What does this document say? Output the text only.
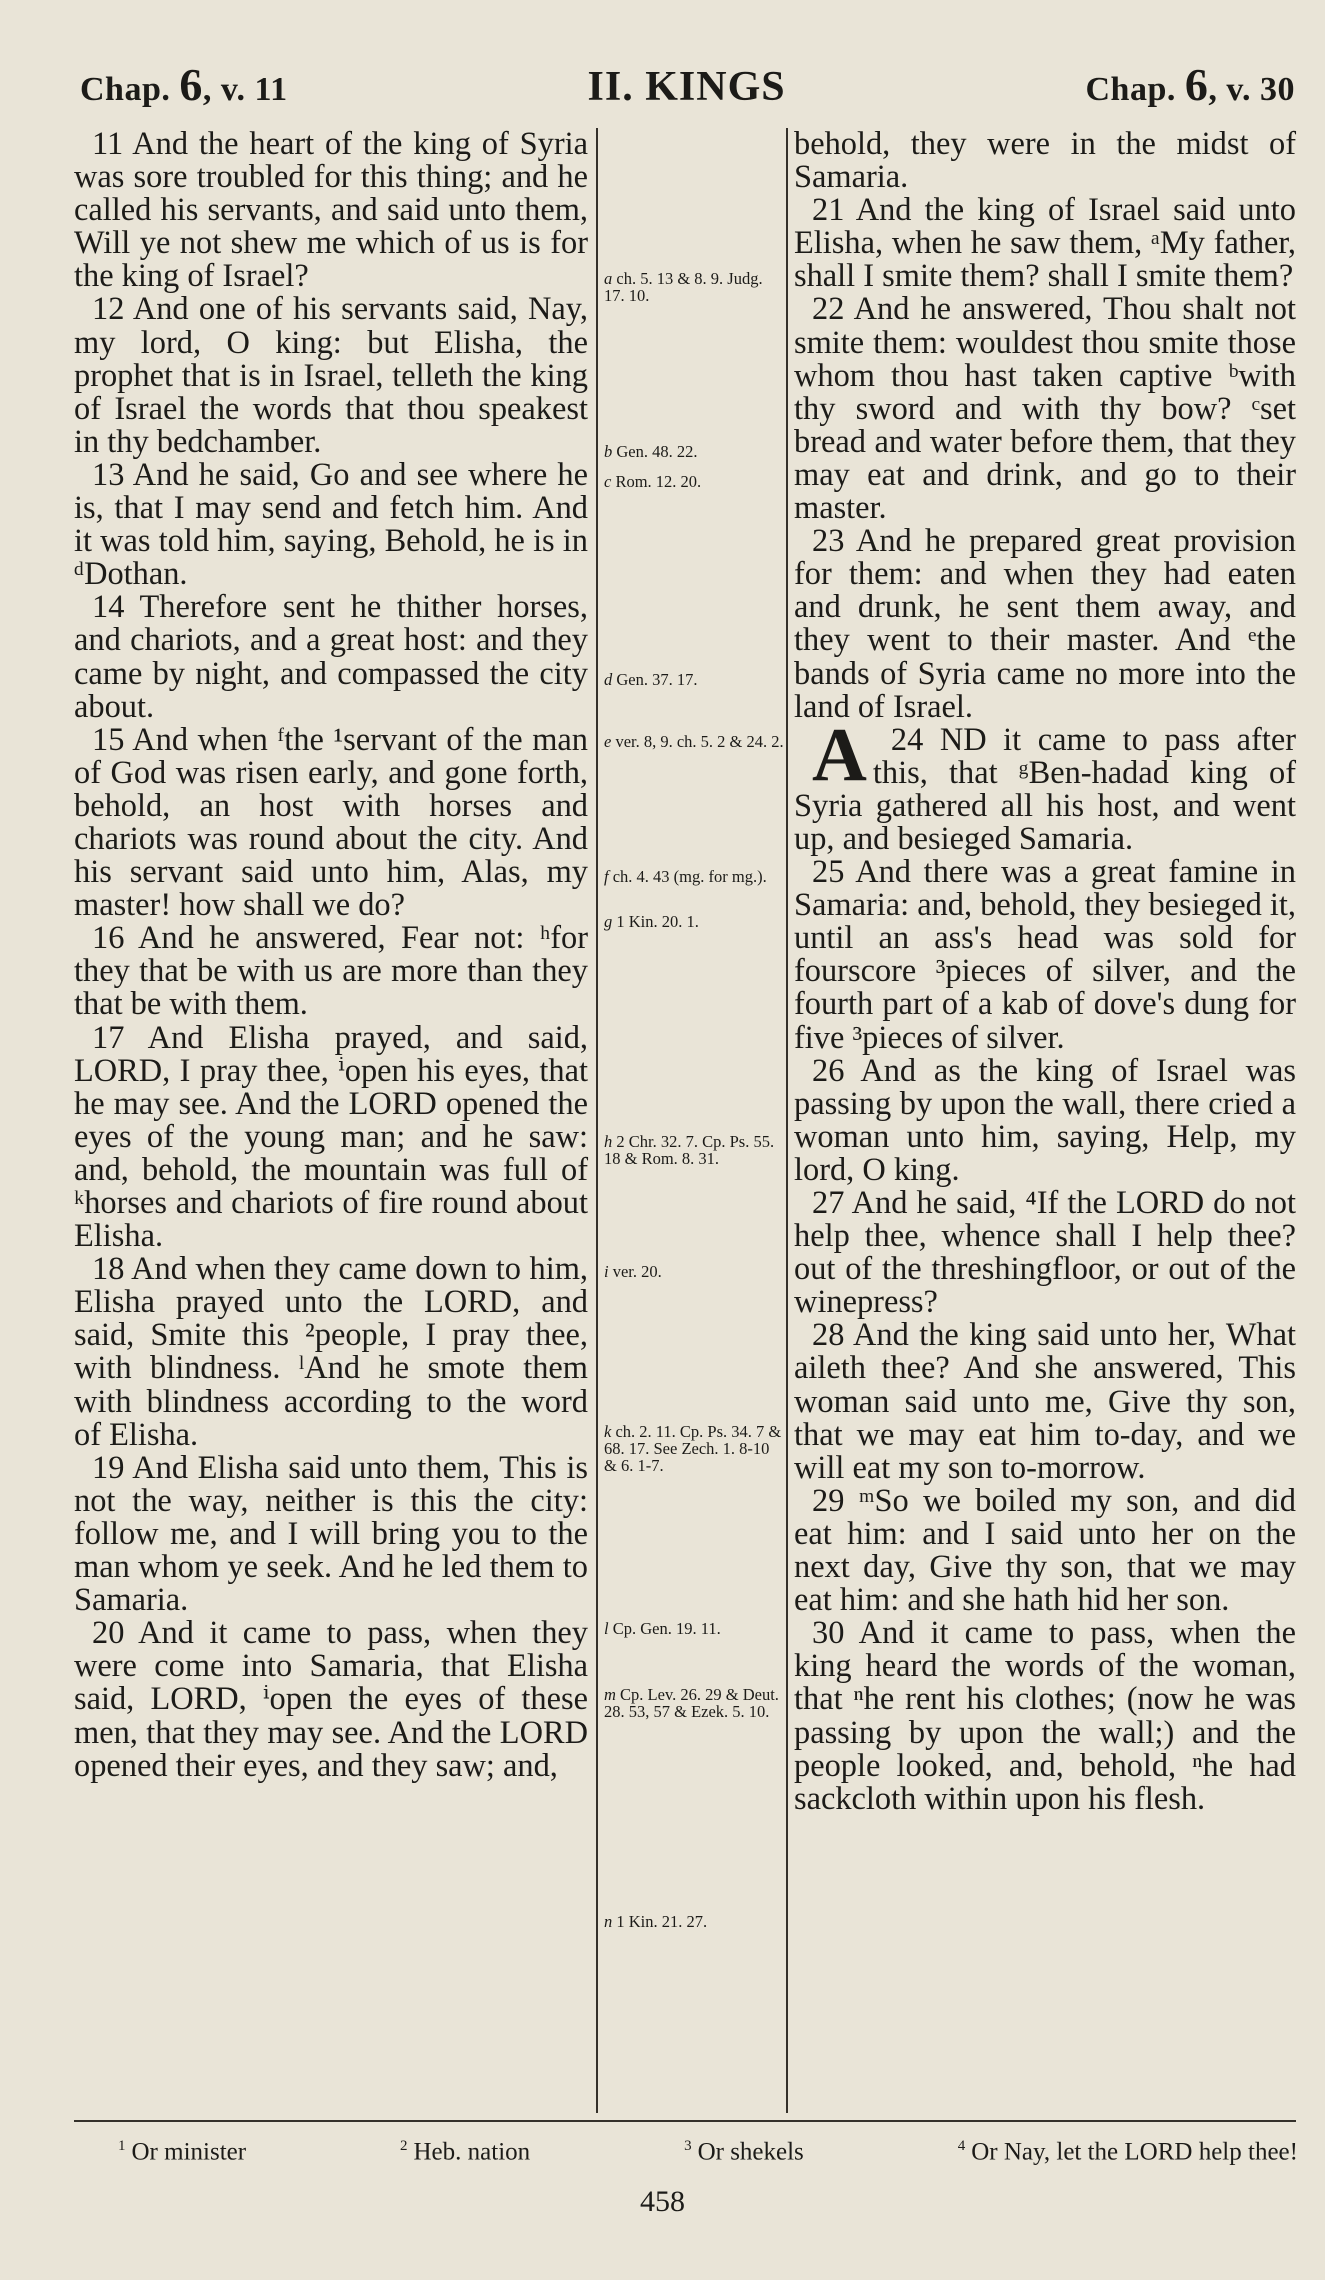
Chap. 6, v. 11	II. KINGS	Chap. 6, v. 30

11 And the heart of the king of Syria was sore troubled for this thing; and he called his servants, and said unto them, Will ye not shew me which of us is for the king of Israel?

12 And one of his servants said, Nay, my lord, O king: but Elisha, the prophet that is in Israel, telleth the king of Israel the words that thou speakest in thy bedchamber.

13 And he said, Go and see where he is, that I may send and fetch him. And it was told him, saying, Behold, he is in ᵈDothan.

14 Therefore sent he thither horses, and chariots, and a great host: and they came by night, and compassed the city about.

15 And when ᶠthe ¹servant of the man of God was risen early, and gone forth, behold, an host with horses and chariots was round about the city. And his servant said unto him, Alas, my master! how shall we do?

16 And he answered, Fear not: ʰfor they that be with us are more than they that be with them.

17 And Elisha prayed, and said, LORD, I pray thee, ⁱopen his eyes, that he may see. And the LORD opened the eyes of the young man; and he saw: and, behold, the mountain was full of ᵏhorses and chariots of fire round about Elisha.

18 And when they came down to him, Elisha prayed unto the LORD, and said, Smite this ²people, I pray thee, with blindness. ˡAnd he smote them with blindness according to the word of Elisha.

19 And Elisha said unto them, This is not the way, neither is this the city: follow me, and I will bring you to the man whom ye seek. And he led them to Samaria.

20 And it came to pass, when they were come into Samaria, that Elisha said, LORD, ⁱopen the eyes of these men, that they may see. And the LORD opened their eyes, and they saw; and,

a ch. 5. 13 & 8. 9. Judg. 17. 10.
b Gen. 48. 22.
c Rom. 12. 20.
d Gen. 37. 17.
e ver. 8, 9. ch. 5. 2 & 24. 2.
f ch. 4. 43 (mg. for mg.).
g 1 Kin. 20. 1.
h 2 Chr. 32. 7. Cp. Ps. 55. 18 & Rom. 8. 31.
i ver. 20.
k ch. 2. 11. Cp. Ps. 34. 7 & 68. 17. See Zech. 1. 8-10 & 6. 1-7.
l Cp. Gen. 19. 11.
m Cp. Lev. 26. 29 & Deut. 28. 53, 57 & Ezek. 5. 10.
n 1 Kin. 21. 27.

behold, they were in the midst of Samaria.

21 And the king of Israel said unto Elisha, when he saw them, ᵃMy father, shall I smite them? shall I smite them?

22 And he answered, Thou shalt not smite them: wouldest thou smite those whom thou hast taken captive ᵇwith thy sword and with thy bow? ᶜset bread and water before them, that they may eat and drink, and go to their master.

23 And he prepared great provision for them: and when they had eaten and drunk, he sent them away, and they went to their master. And ᵉthe bands of Syria came no more into the land of Israel.

24
A ND it came to pass after this, that ᵍBen-hadad king of Syria gathered all his host, and went up, and besieged Samaria.

25 And there was a great famine in Samaria: and, behold, they besieged it, until an ass's head was sold for fourscore ³pieces of silver, and the fourth part of a kab of dove's dung for five ³pieces of silver.

26 And as the king of Israel was passing by upon the wall, there cried a woman unto him, saying, Help, my lord, O king.

27 And he said, ⁴If the LORD do not help thee, whence shall I help thee? out of the threshingfloor, or out of the winepress?

28 And the king said unto her, What aileth thee? And she answered, This woman said unto me, Give thy son, that we may eat him to-day, and we will eat my son to-morrow.

29 ᵐSo we boiled my son, and did eat him: and I said unto her on the next day, Give thy son, that we may eat him: and she hath hid her son.

30 And it came to pass, when the king heard the words of the woman, that ⁿhe rent his clothes; (now he was passing by upon the wall;) and the people looked, and, behold, ⁿhe had sackcloth within upon his flesh.

$^1$ Or minister	$^2$ Heb. nation	$^3$ Or shekels	$^4$ Or Nay, let the LORD help thee!
458
